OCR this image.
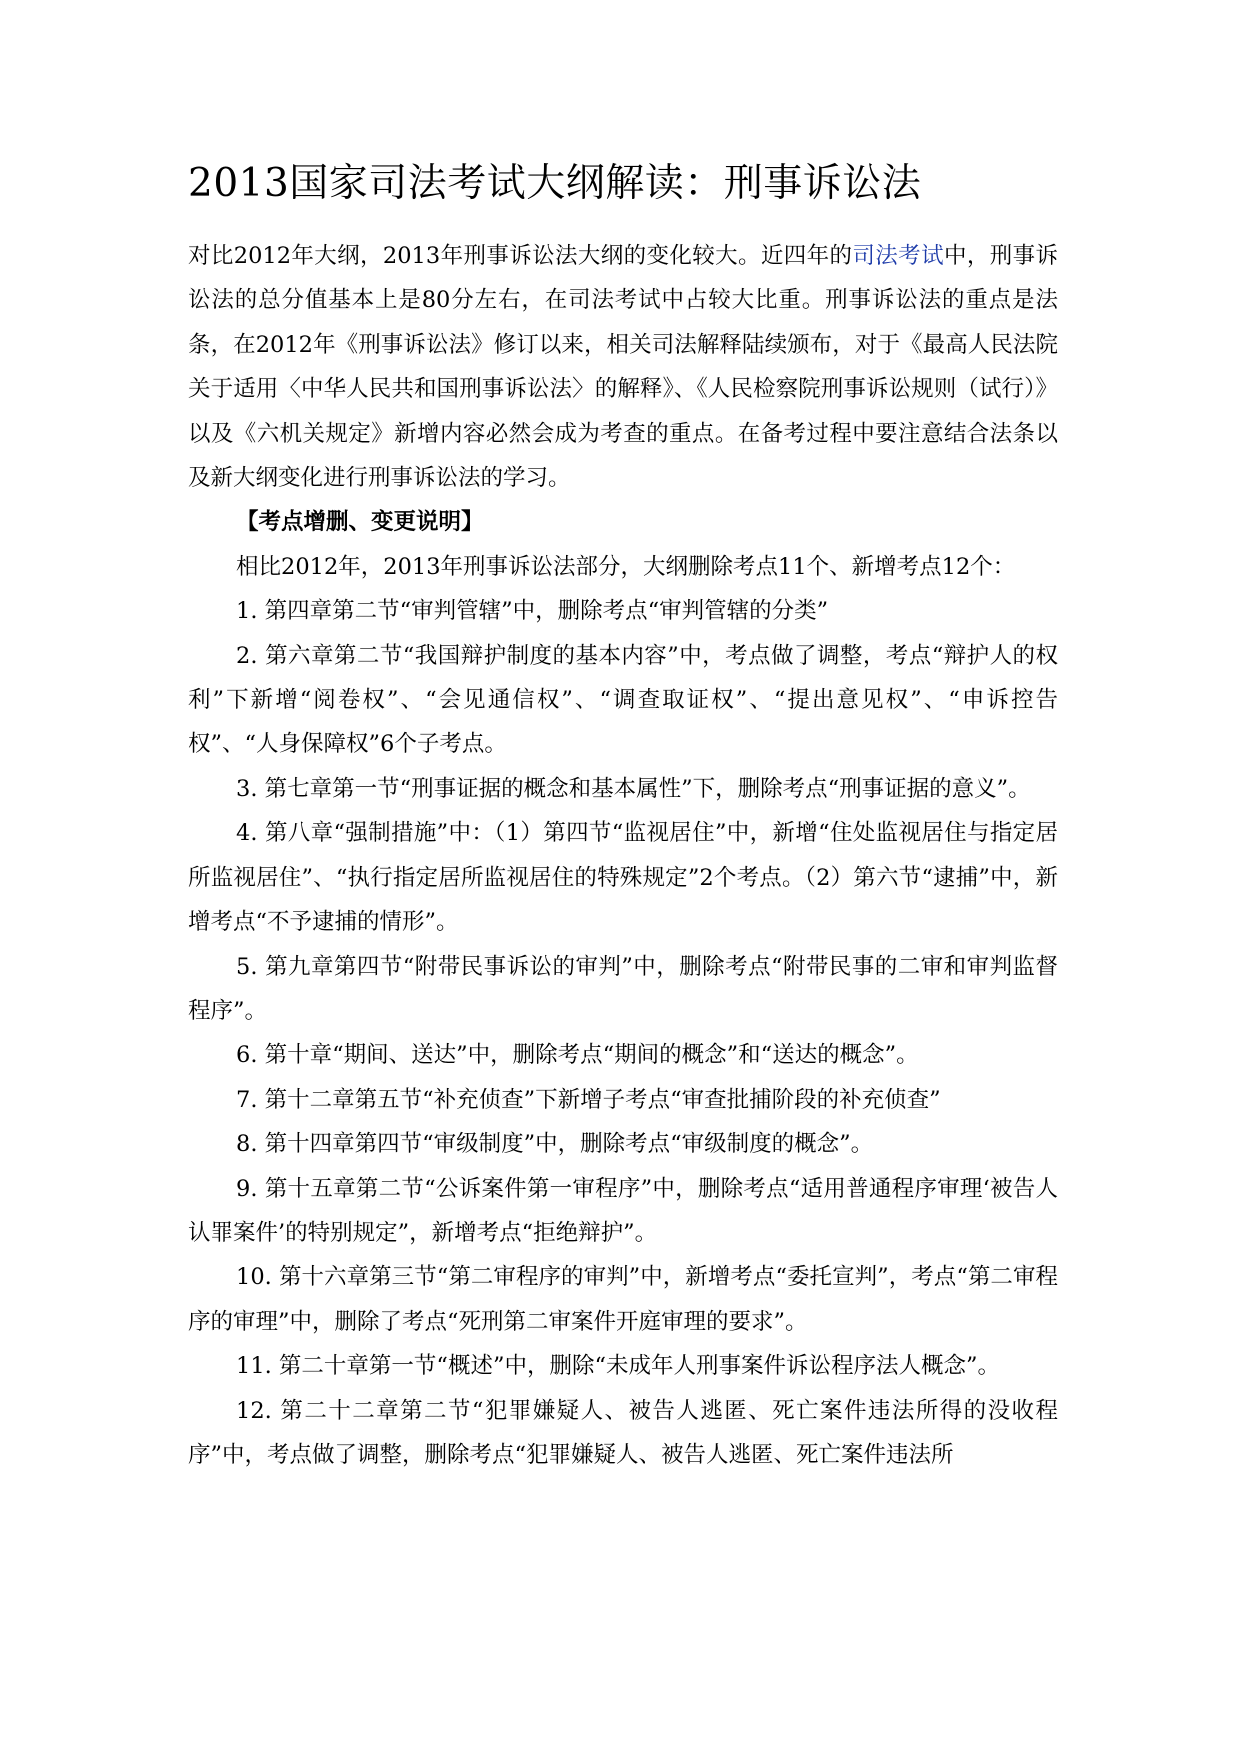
2013国家司法考试大纲解读：刑事诉讼法

对比2012年大纲，2013年刑事诉讼法大纲的变化较大。近四年的司法考试中，刑事诉讼法的总分值基本上是80分左右，在司法考试中占较大比重。刑事诉讼法的重点是法条，在2012年《刑事诉讼法》修订以来，相关司法解释陆续颁布，对于《最高人民法院关于适用〈中华人民共和国刑事诉讼法〉的解释》、《人民检察院刑事诉讼规则（试行）》以及《六机关规定》新增内容必然会成为考查的重点。在备考过程中要注意结合法条以及新大纲变化进行刑事诉讼法的学习。

【考点增删、变更说明】

相比2012年，2013年刑事诉讼法部分，大纲删除考点11个、新增考点12个：

1. 第四章第二节“审判管辖”中，删除考点“审判管辖的分类”

2. 第六章第二节“我国辩护制度的基本内容”中，考点做了调整，考点“辩护人的权利”下新增“阅卷权”、“会见通信权”、“调查取证权”、“提出意见权”、“申诉控告权”、“人身保障权”6个子考点。

3. 第七章第一节“刑事证据的概念和基本属性”下，删除考点“刑事证据的意义”。

4. 第八章“强制措施”中：（1）第四节“监视居住”中，新增“住处监视居住与指定居所监视居住”、“执行指定居所监视居住的特殊规定”2个考点。（2）第六节“逮捕”中，新增考点“不予逮捕的情形”。

5. 第九章第四节“附带民事诉讼的审判”中，删除考点“附带民事的二审和审判监督程序”。

6. 第十章“期间、送达”中，删除考点“期间的概念”和“送达的概念”。

7. 第十二章第五节“补充侦查”下新增子考点“审查批捕阶段的补充侦查”

8. 第十四章第四节“审级制度”中，删除考点“审级制度的概念”。

9. 第十五章第二节“公诉案件第一审程序”中，删除考点“适用普通程序审理‘被告人认罪案件’的特别规定”，新增考点“拒绝辩护”。

10. 第十六章第三节“第二审程序的审判”中，新增考点“委托宣判”，考点“第二审程序的审理”中，删除了考点“死刑第二审案件开庭审理的要求”。

11. 第二十章第一节“概述”中，删除“未成年人刑事案件诉讼程序法人概念”。

12. 第二十二章第二节“犯罪嫌疑人、被告人逃匿、死亡案件违法所得的没收程序”中，考点做了调整，删除考点“犯罪嫌疑人、被告人逃匿、死亡案件违法所
